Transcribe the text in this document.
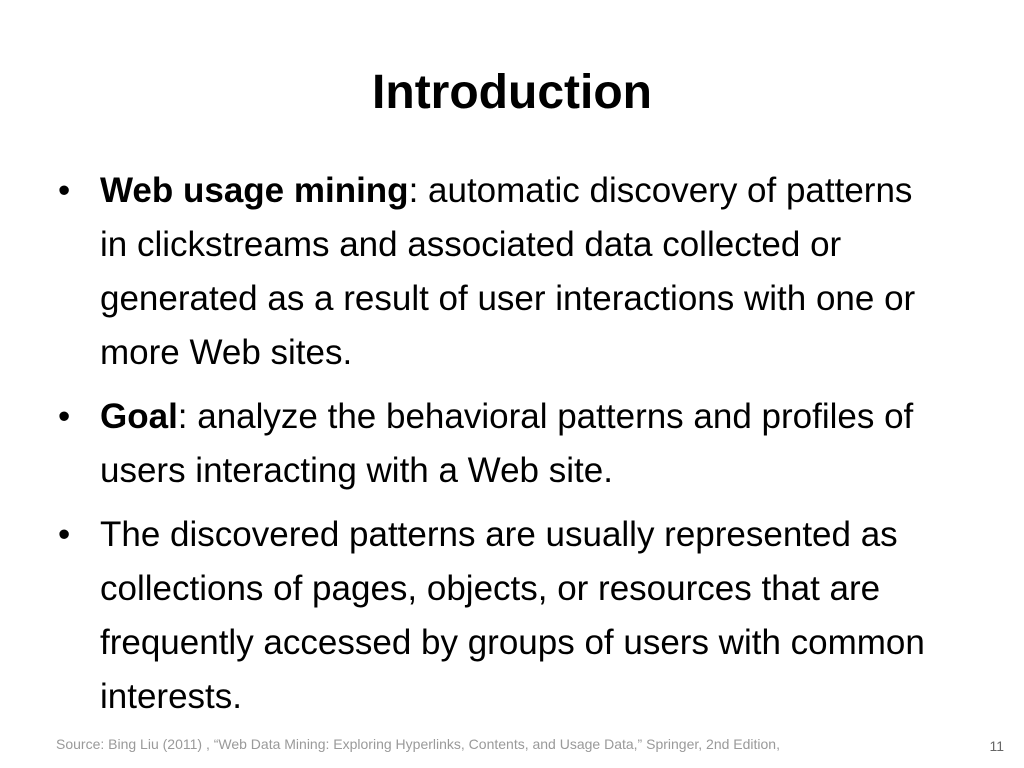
Introduction
• Web usage mining: automatic discovery of patterns in clickstreams and associated data collected or generated as a result of user interactions with one or more Web sites.
• Goal: analyze the behavioral patterns and profiles of users interacting with a Web site.
• The discovered patterns are usually represented as collections of pages, objects, or resources that are frequently accessed by groups of users with common interests.
Source: Bing Liu (2011) , “Web Data Mining: Exploring Hyperlinks, Contents, and Usage Data,” Springer, 2nd Edition,	11
